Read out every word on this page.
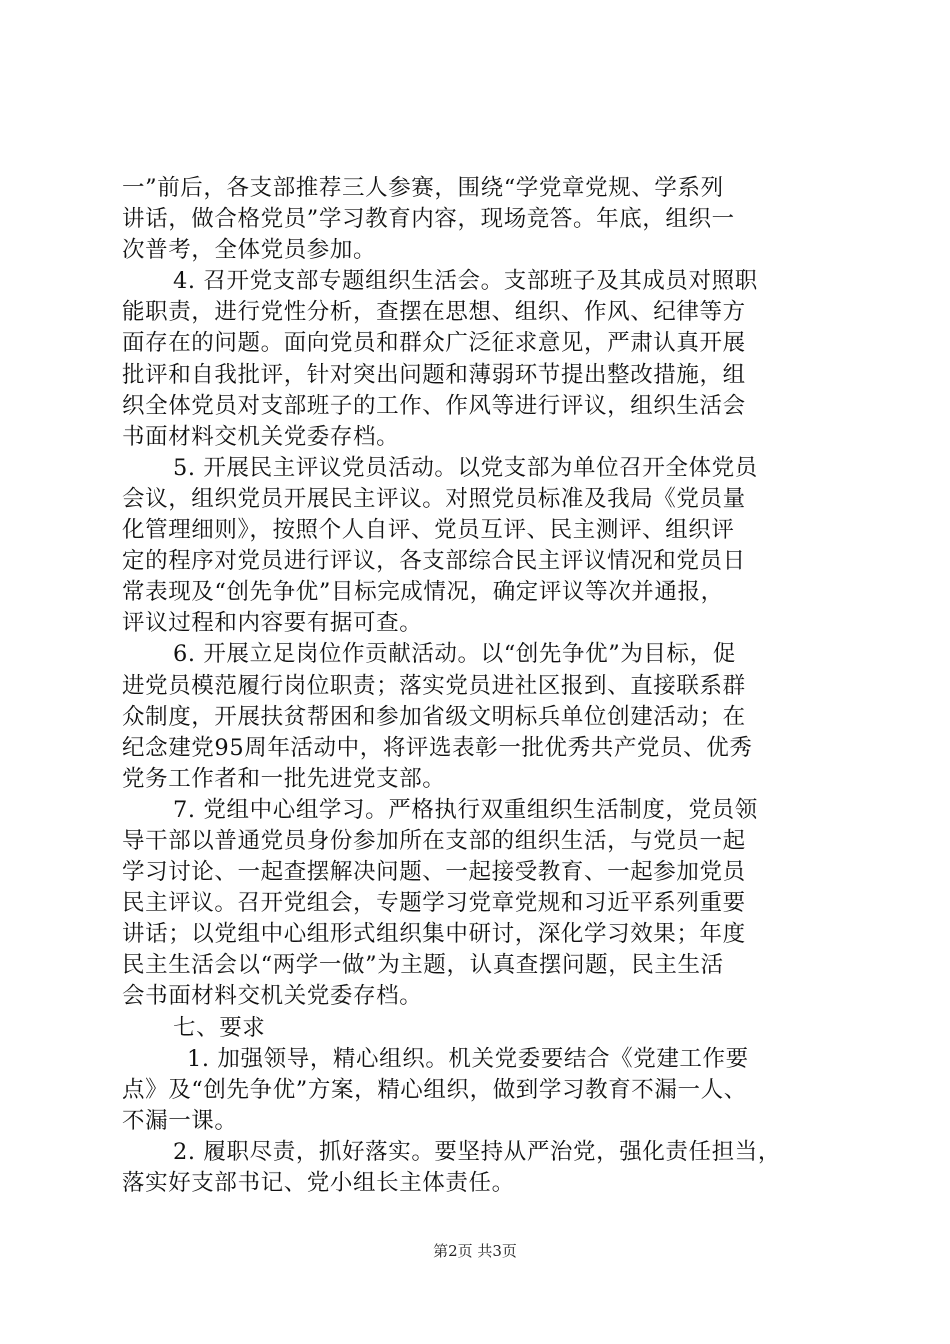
一”前后，各支部推荐三人参赛，围绕“学党章党规、学系列
讲话，做合格党员”学习教育内容，现场竞答。年底，组织一
次普考，全体党员参加。
4. 召开党支部专题组织生活会。支部班子及其成员对照职
能职责，进行党性分析，查摆在思想、组织、作风、纪律等方
面存在的问题。面向党员和群众广泛征求意见，严肃认真开展
批评和自我批评，针对突出问题和薄弱环节提出整改措施，组
织全体党员对支部班子的工作、作风等进行评议，组织生活会
书面材料交机关党委存档。
5. 开展民主评议党员活动。以党支部为单位召开全体党员
会议，组织党员开展民主评议。对照党员标准及我局《党员量
化管理细则》，按照个人自评、党员互评、民主测评、组织评
定的程序对党员进行评议，各支部综合民主评议情况和党员日
常表现及“创先争优”目标完成情况，确定评议等次并通报，
评议过程和内容要有据可查。
6. 开展立足岗位作贡献活动。以“创先争优”为目标，促
进党员模范履行岗位职责；落实党员进社区报到、直接联系群
众制度，开展扶贫帮困和参加省级文明标兵单位创建活动；在
纪念建党95周年活动中，将评选表彰一批优秀共产党员、优秀
党务工作者和一批先进党支部。
7. 党组中心组学习。严格执行双重组织生活制度，党员领
导干部以普通党员身份参加所在支部的组织生活，与党员一起
学习讨论、一起查摆解决问题、一起接受教育、一起参加党员
民主评议。召开党组会，专题学习党章党规和习近平系列重要
讲话；以党组中心组形式组织集中研讨，深化学习效果；年度
民主生活会以“两学一做”为主题，认真查摆问题，民主生活
会书面材料交机关党委存档。
七、要求
1. 加强领导，精心组织。机关党委要结合《党建工作要
点》及“创先争优”方案，精心组织，做到学习教育不漏一人、
不漏一课。
2. 履职尽责，抓好落实。要坚持从严治党，强化责任担当，
落实好支部书记、党小组长主体责任。
第2页 共3页
